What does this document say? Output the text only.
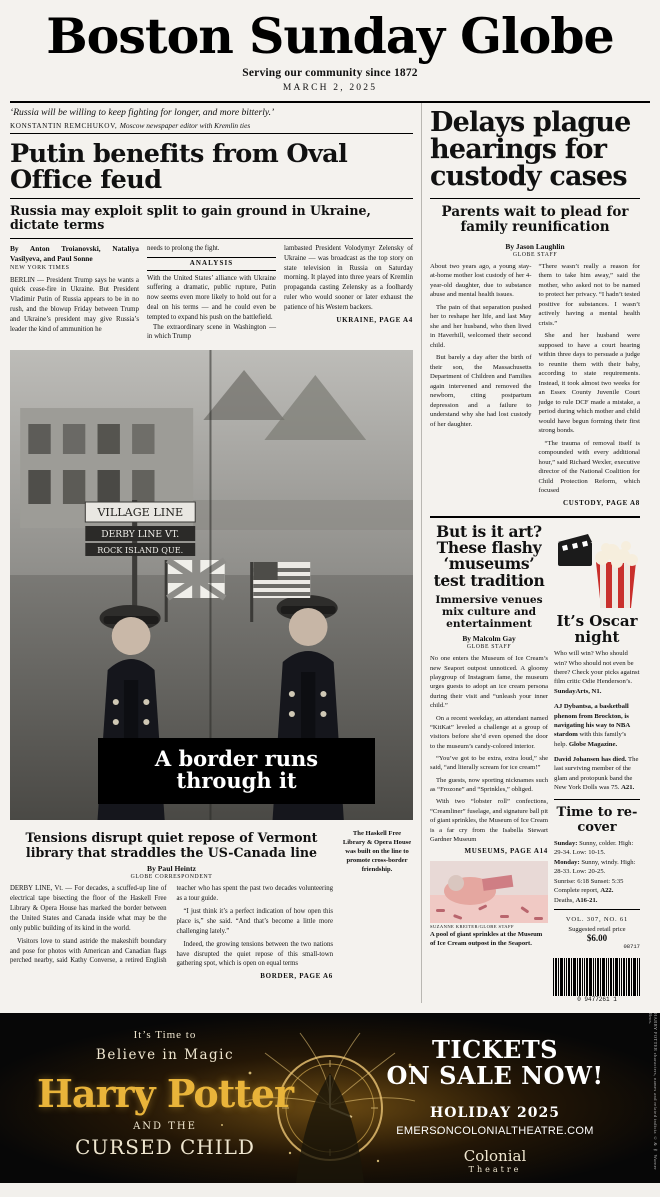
Boston Sunday Globe
Serving our community since 1872
MARCH 2, 2025
‘Russia will be willing to keep fighting for longer, and more bitterly.’
KONSTANTIN REMCHUKOV, Moscow newspaper editor with Kremlin ties
Putin benefits from Oval Office feud
Russia may exploit split to gain ground in Ukraine, dictate terms
By Anton Troianovski, Nataliya Vasilyeva, and Paul Sonne
NEW YORK TIMES
BERLIN — President Trump says he wants a quick cease-fire in Ukraine. But President Vladimir Putin of Russia appears to be in no rush, and the blowup Friday between Trump and Ukraine’s president may give Russia’s leader the kind of ammunition he
needs to prolong the fight.
ANALYSIS
With the United States’ alliance with Ukraine suffering a dramatic, public rupture, Putin now seems even more likely to hold out for a deal on his terms — and he could even be tempted to expand his push on the battlefield.
The extraordinary scene in Washington — in which Trump
lambasted President Volodymyr Zelensky of Ukraine — was broadcast as the top story on state television in Russia on Saturday morning. It played into three years of Kremlin propaganda casting Zelensky as a foolhardy ruler who would sooner or later exhaust the patience of his Western backers.
UKRAINE, PAGE A4
VILLAGE LINE
DERBY LINE VT.
ROCK ISLAND QUE.
A border runs
through it
Tensions disrupt quiet repose of Vermont library that straddles the US-Canada line
By Paul Heintz
GLOBE CORRESPONDENT

DERBY LINE, Vt. — For decades, a scuffed-up line of electrical tape bisecting the floor of the Haskell Free Library & Opera House has marked the border between the United States and Canada inside what may be the only public building of its kind in the world.

Visitors love to stand astride the makeshift boundary and pose for photos with American and Canadian flags perched nearby, said Kathy Converse, a retired English teacher who has spent the past two decades volunteering as a tour guide.

“I just think it’s a perfect indication of how open this place is,” she said. “And that’s become a little more challenging lately.”

Indeed, the growing tensions between the two nations have disrupted the quiet repose of this small-town gathering spot, which is open on equal terms

BORDER, PAGE A6
The Haskell Free Library & Opera House was built on the line to promote cross-border friendship.
Delays plague hearings for custody cases
Parents wait to plead for family reunification
By Jason Laughlin
GLOBE STAFF

About two years ago, a young stay-at-home mother lost custody of her 4-year-old daughter, due to substance abuse and mental health issues.

The pain of that separation pushed her to reshape her life, and last May she and her husband, who then lived in Haverhill, welcomed their second child.

But barely a day after the birth of their son, the Massachusetts Department of Children and Families again intervened and removed the newborn, citing postpartum depression and a failure to understand why she had lost custody of her daughter.

“There wasn’t really a reason for them to take him away,” said the mother, who asked not to be named to protect her privacy. “I hadn’t tested positive for substances. I wasn’t actively having a mental health crisis.”

She and her husband were supposed to have a court hearing within three days to persuade a judge to reunite them with their baby, according to state requirements. Instead, it took almost two weeks for an Essex County Juvenile Court judge to rule DCF made a mistake, a period during which mother and child would have begun forming their first strong bonds.

“The trauma of removal itself is compounded with every additional hour,” said Richard Wexler, executive director of the National Coalition for Child Protection Reform, which focused

CUSTODY, PAGE A8
But is it art?
These flashy
‘museums’
test tradition
Immersive venues mix culture and entertainment
By Malcolm Gay
GLOBE STAFF

No one enters the Museum of Ice Cream’s new Seaport outpost unnoticed. A gloomy playgroup of Instagram fame, the museum urges guests to adopt an ice cream persona during their visit and “unleash your inner child.”

On a recent weekday, an attendant named “KitKat” leveled a challenge at a group of visitors before she’d even opened the door to the museum’s candy-colored interior.

“You’ve got to be extra, extra loud,” she said, “and literally scream for ice cream!”

The guests, now sporting nicknames such as “Frozone” and “Sprinkles,” obliged.

With two “lobster roll” confections, “Creamliner” fuselage, and signature ball pit of giant sprinkles, the Museum of Ice Cream is a far cry from the Isabella Stewart Gardner Museum

MUSEUMS, PAGE A14
SUZANNE KREITER/GLOBE STAFF
A pool of giant sprinkles at the Museum of Ice Cream outpost in the Seaport.
It’s Oscar night
Who will win? Who should win? Who should not even be there? Check your picks against film critic Odie Henderson’s. SundayArts, N1.
AJ Dybantsa, a basketball phenom from Brockton, is navigating his way to NBA stardom with this family’s help. Globe Magazine.
David Johansen has died. The last surviving member of the glam and protopunk band the New York Dolls was 75. A21.
Time to re-cover
Sunday: Sunny, colder. High: 29-34. Low: 10-15.
Monday: Sunny, windy. High: 28-33. Low: 20-25.
Sunrise: 6:18 Sunset: 5:35
Complete report, A22.
Deaths, A16-21.
VOL. 307, NO. 61
Suggested retail price
$6.00
08717
0 9477261 1
It’s Time to
Believe in Magic
Harry Potter
AND THE
CURSED CHILD
TICKETS
ON SALE NOW!
HOLIDAY 2025
EMERSONCOLONIALTHEATRE.COM
Colonial
Theatre	HARRY POTTER characters, names and related indicia © & ™ Warner Bros.
